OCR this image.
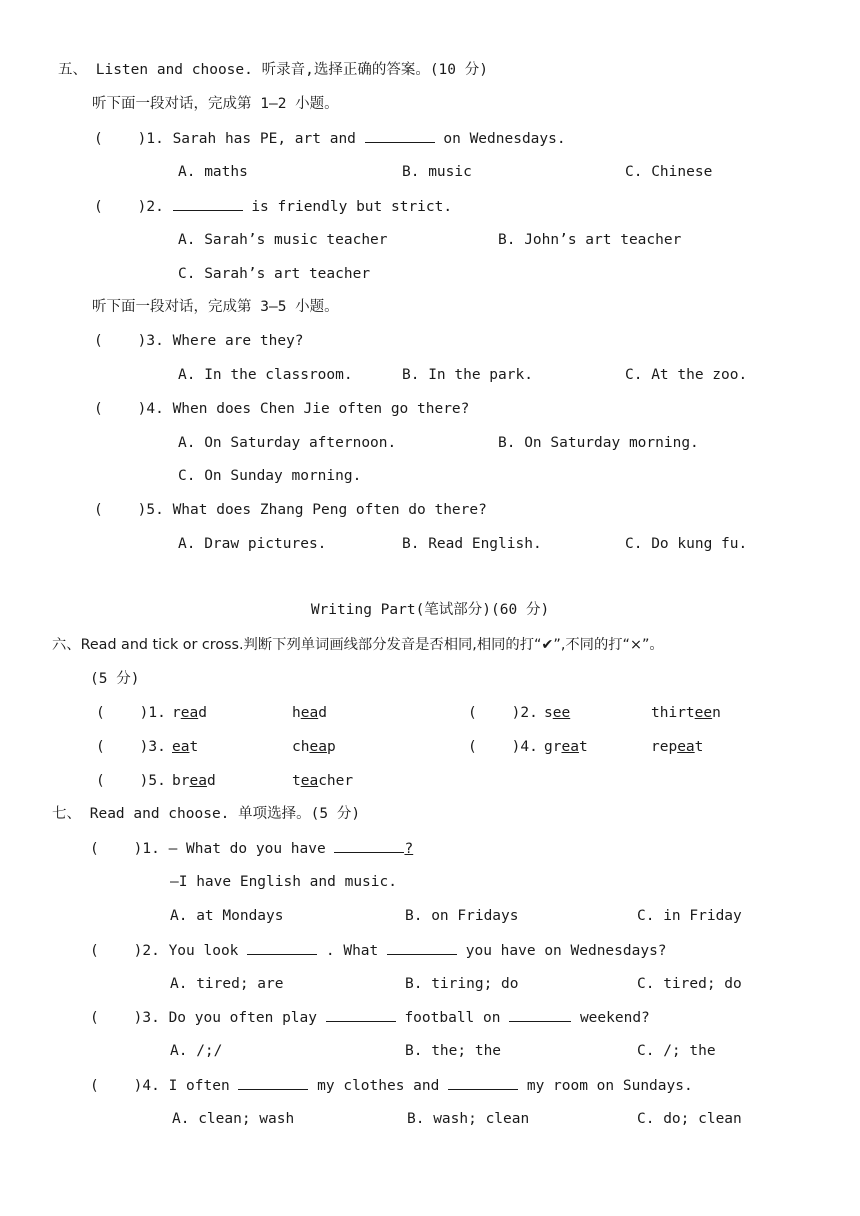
五、 Listen and choose. 听录音,选择正确的答案。(10 分)
听下面一段对话，完成第 1—2 小题。
(    )1. Sarah has PE, art and	on Wednesdays.
A. maths	B. music	C. Chinese
(    )2.	is friendly but strict.
A. Sarah’s music teacher	B. John’s art teacher
C. Sarah’s art teacher
听下面一段对话，完成第 3—5 小题。
(    )3. Where are they?
A. In the classroom.	B. In the park.	C. At the zoo.
(    )4. When does Chen Jie often go there?
A. On Saturday afternoon.	B. On Saturday morning.
C. On Sunday morning.
(    )5. What does Zhang Peng often do there?
A. Draw pictures.	B. Read English.	C. Do kung fu.
Writing Part(笔试部分)(60 分)
六、Read and tick or cross.判断下列单词画线部分发音是否相同,相同的打“✔”,不同的打“×”。
(5 分)
(    )1. read	head	(    )2. see	thirteen
(    )3. eat	cheap	(    )4. great	repeat
(    )5. bread	teacher
七、 Read and choose. 单项选择。(5 分)
(    )1. — What do you have	?
—I have English and music.
A. at Mondays	B. on Fridays	C. in Friday
(    )2. You look	. What	you have on Wednesdays?
A. tired; are	B. tiring; do	C. tired; do
(    )3. Do you often play	football on	weekend?
A. /;/	B. the; the	C. /; the
(    )4. I often	my clothes and	my room on Sundays.
A. clean; wash	B. wash; clean	C. do; clean
